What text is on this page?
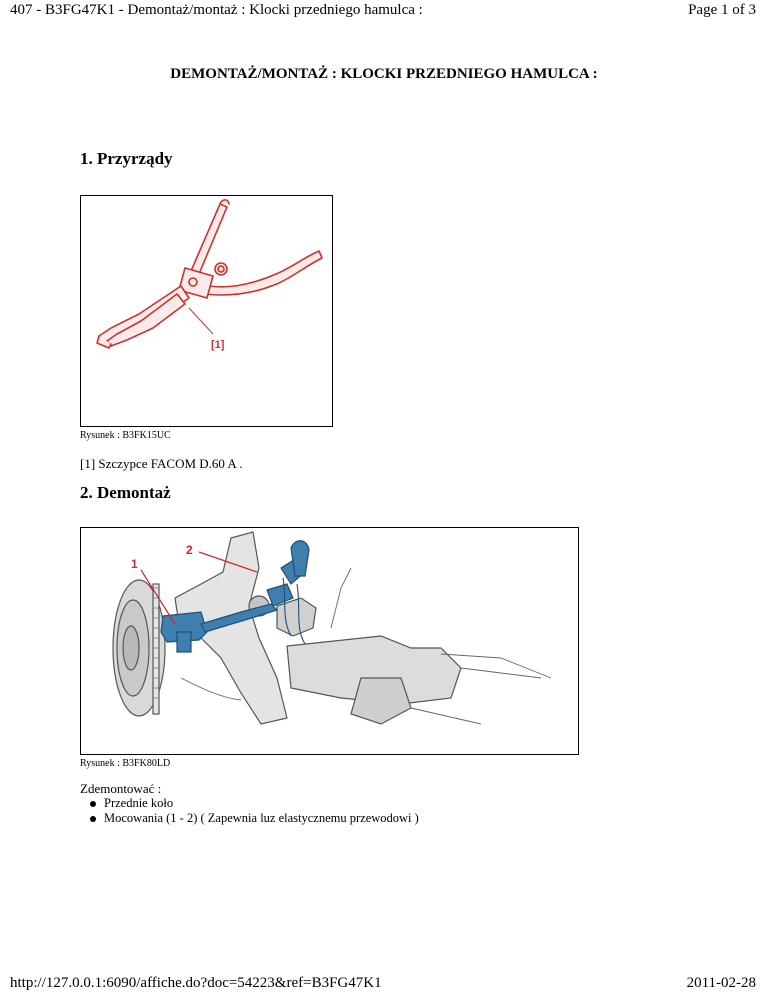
407 - B3FG47K1 - Demontaż/montaż : Klocki przedniego hamulca :	Page 1 of 3
DEMONTAŻ/MONTAŻ : KLOCKI PRZEDNIEGO HAMULCA :
1. Przyrządy
[1]
Rysunek : B3FK15UC
[1] Szczypce FACOM D.60 A .
2. Demontaż
1
2
Rysunek : B3FK80LD
Zdemontować :
Przednie koło
Mocowania (1 - 2) ( Zapewnia luz elastycznemu przewodowi )
http://127.0.0.1:6090/affiche.do?doc=54223&ref=B3FG47K1	2011-02-28
